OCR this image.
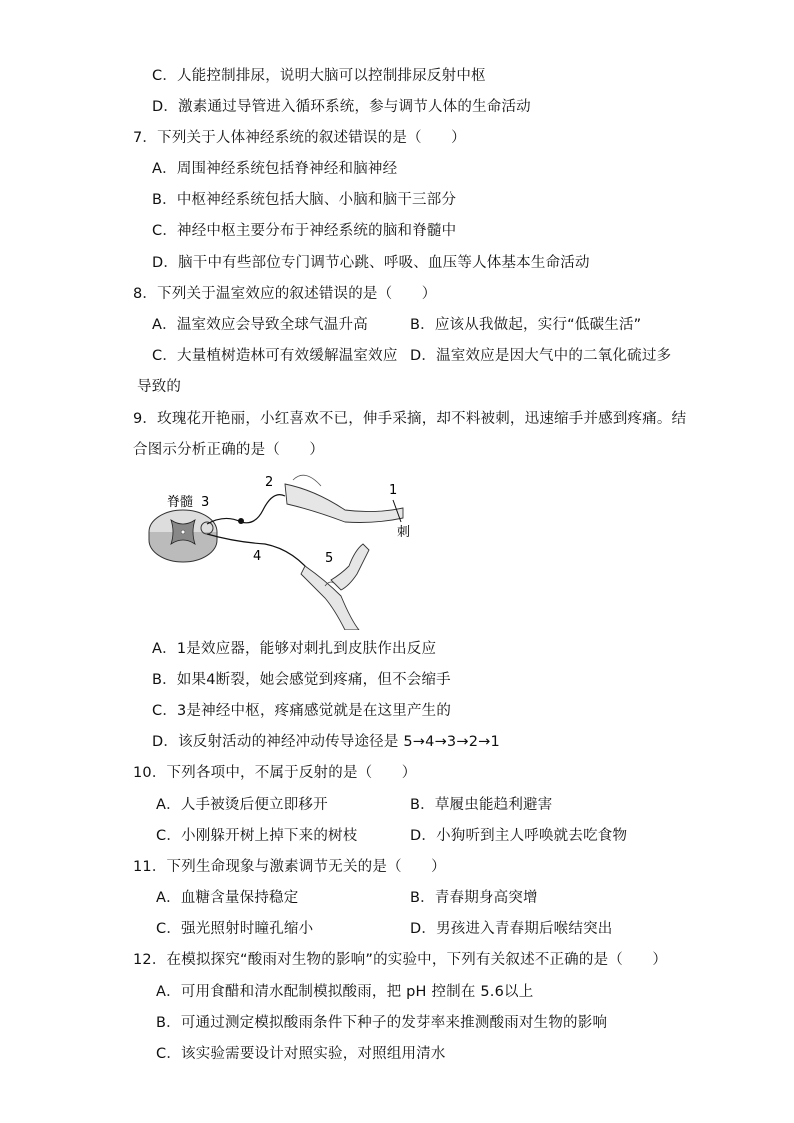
C．人能控制排尿，说明大脑可以控制排尿反射中枢
D．激素通过导管进入循环系统，参与调节人体的生命活动
7．下列关于人体神经系统的叙述错误的是（　　）
A．周围神经系统包括脊神经和脑神经
B．中枢神经系统包括大脑、小脑和脑干三部分
C．神经中枢主要分布于神经系统的脑和脊髓中
D．脑干中有些部位专门调节心跳、呼吸、血压等人体基本生命活动
8．下列关于温室效应的叙述错误的是（　　）
A．温室效应会导致全球气温升高	B．应该从我做起，实行“低碳生活”
C．大量植树造林可有效缓解温室效应 D．温室效应是因大气中的二氧化硫过多
导致的
9．玫瑰花开艳丽，小红喜欢不已，伸手采摘，却不料被刺，迅速缩手并感到疼痛。结
合图示分析正确的是（　　）
脊髓 3
2
1
刺
4	5
A．1是效应器，能够对刺扎到皮肤作出反应
B．如果4断裂，她会感觉到疼痛，但不会缩手
C．3是神经中枢，疼痛感觉就是在这里产生的
D．该反射活动的神经冲动传导途径是 5→4→3→2→1
10．下列各项中，不属于反射的是（　　）
A．人手被烫后便立即移开	B．草履虫能趋利避害
C．小刚躲开树上掉下来的树枝	D．小狗听到主人呼唤就去吃食物
11．下列生命现象与激素调节无关的是（　　）
A．血糖含量保持稳定	B．青春期身高突增
C．强光照射时瞳孔缩小	D．男孩进入青春期后喉结突出
12．在模拟探究“酸雨对生物的影响”的实验中，下列有关叙述不正确的是（　　）
A．可用食醋和清水配制模拟酸雨，把 pH 控制在 5.6以上
B．可通过测定模拟酸雨条件下种子的发芽率来推测酸雨对生物的影响
C．该实验需要设计对照实验，对照组用清水
